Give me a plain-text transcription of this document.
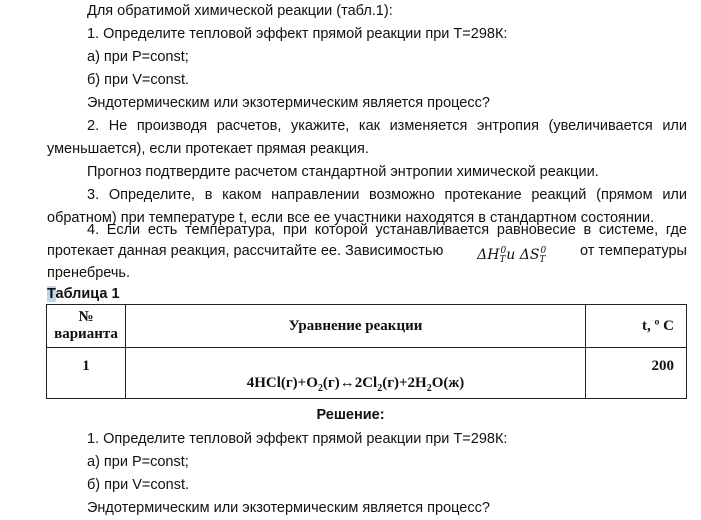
Для обратимой химической реакции (табл.1):

1. Определите тепловой эффект прямой реакции при Т=298К:

а) при Р=const;

б) при V=const.

Эндотермическим или экзотермическим является процесс?

2. Не производя расчетов, укажите, как изменяется энтропия (увеличивается или

уменьшается), если протекает прямая реакция.

Прогноз подтвердите расчетом стандартной энтропии химической реакции.

3. Определите, в каком направлении возможно протекание реакций (прямом или

обратном) при температуре t, если все ее участники находятся в стандартном состоянии.

4. Если есть температура, при которой устанавливается равновесие в системе, где

протекает данная реакция, рассчитайте ее. Зависимостью $\Delta H_T^0и$ $\Delta S_T^0$ от температуры

пренебречь.

Таблица 1
№
варианта	Уравнение реакции	t, º С
1	$4HCl(г)+O_2(г)\leftrightarrow 2Cl_2(г)+2H_2O(ж)$	200
Решение:

1. Определите тепловой эффект прямой реакции при Т=298К:

а) при Р=const;

б) при V=const.

Эндотермическим или экзотермическим является процесс?
